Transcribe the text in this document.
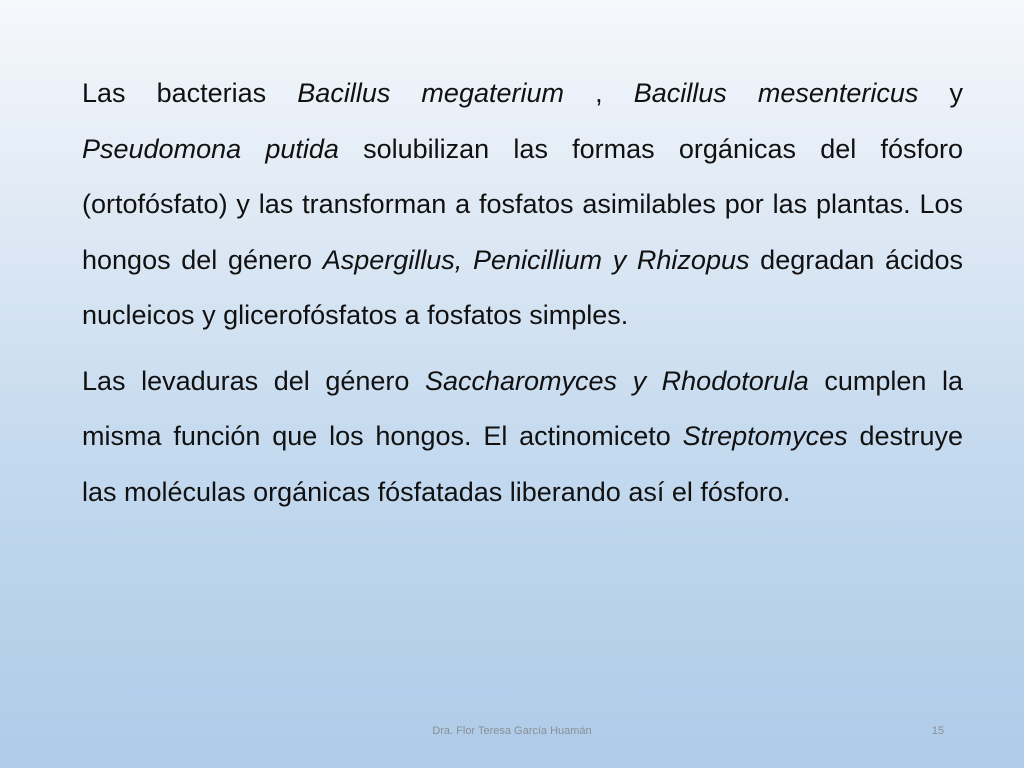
Las bacterias Bacillus megaterium , Bacillus mesentericus y Pseudomona putida solubilizan las formas orgánicas del fósforo (ortofósfato) y las transforman a fosfatos asimilables por las plantas. Los hongos del género Aspergillus, Penicillium y Rhizopus degradan ácidos nucleicos y glicerofósfatos a fosfatos simples.

Las levaduras del género Saccharomyces y Rhodotorula cumplen la misma función que los hongos. El actinomiceto Streptomyces destruye las moléculas orgánicas fósfatadas liberando así el fósforo.

Dra. Flor Teresa García Huamán	15
